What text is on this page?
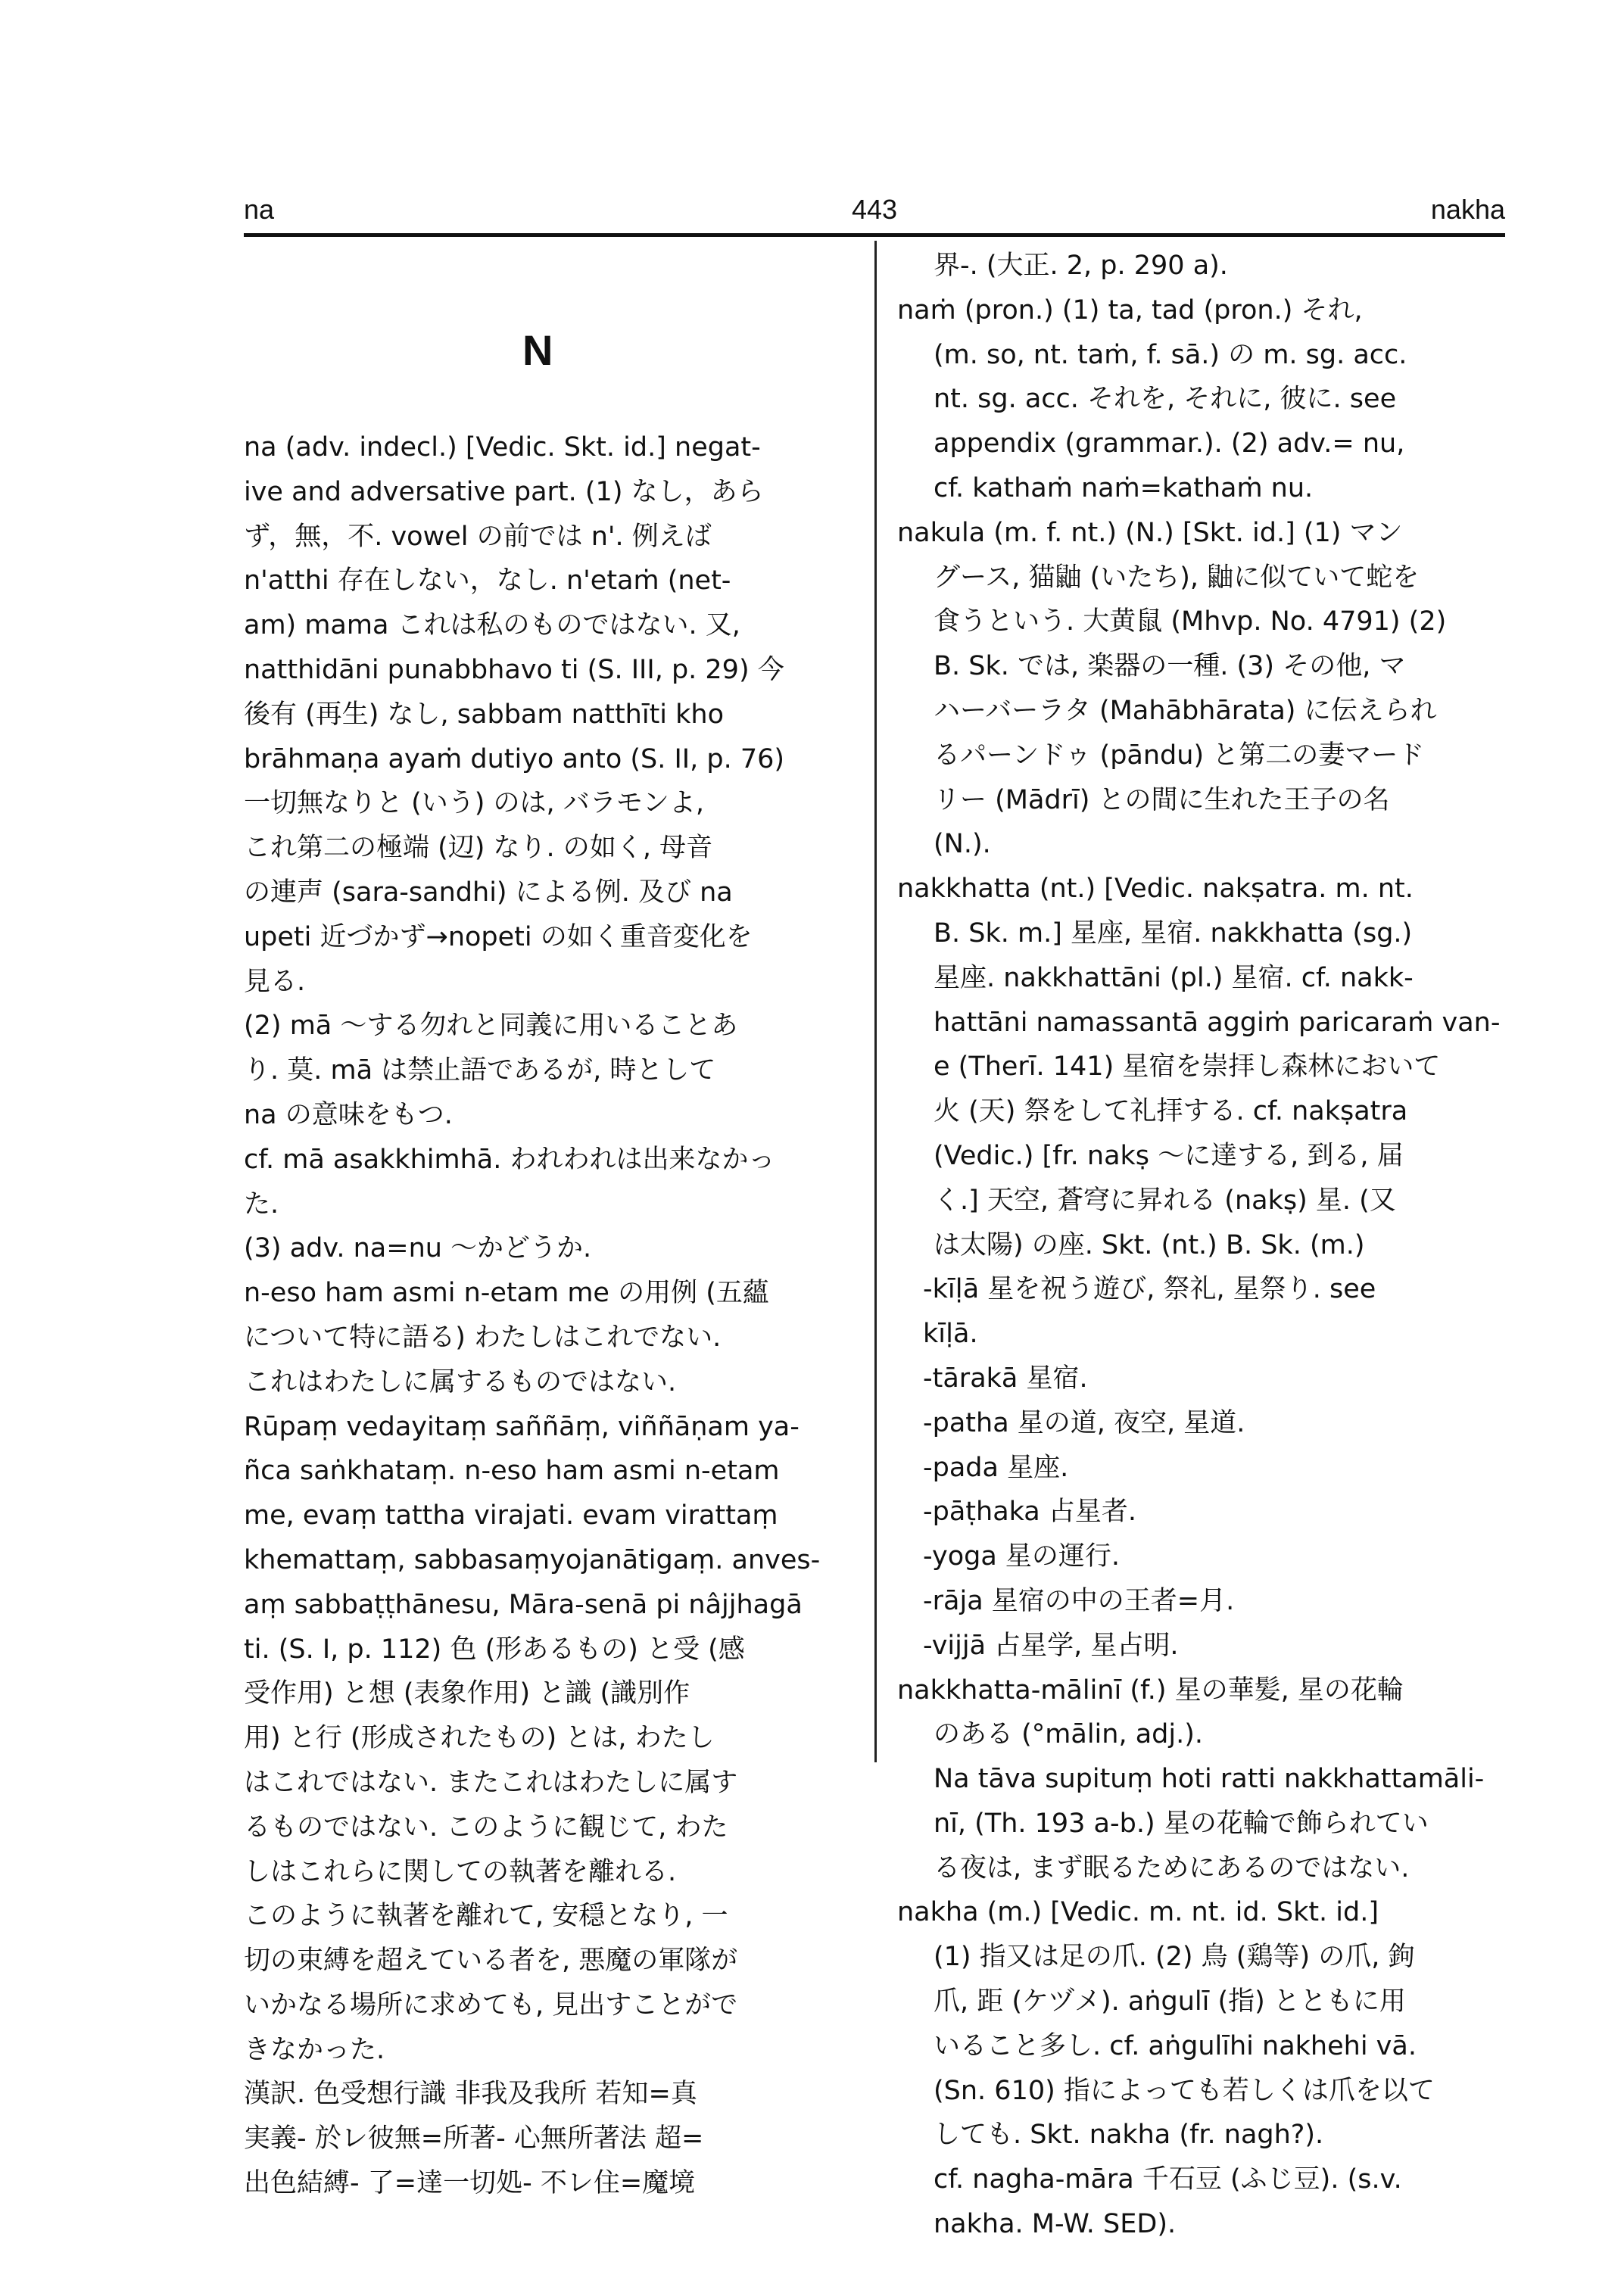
na	443	nakha
N
na (adv. indecl.) [Vedic. Skt. id.] negat-
ive and adversative part. (1) なし，あら
ず，無，不. vowel の前では n'. 例えば
n'atthi 存在しない，なし. n'etaṁ (net-
am) mama これは私のものではない. 又,
natthidāni punabbhavo ti (S. III, p. 29) 今
後有 (再生) なし, sabbam natthīti kho
brāhmaṇa ayaṁ dutiyo anto (S. II, p. 76)
一切無なりと (いう) のは, バラモンよ,
これ第二の極端 (辺) なり. の如く, 母音
の連声 (sara-sandhi) による例. 及び na
upeti 近づかず→nopeti の如く重音変化を
見る.
(2) mā ～する勿れと同義に用いることあ
り. 莫. mā は禁止語であるが, 時として
na の意味をもつ.
cf. mā asakkhimhā. われわれは出来なかっ
た.
(3) adv. na=nu ～かどうか.
n-eso ham asmi n-etam me の用例 (五蘊
について特に語る) わたしはこれでない.
これはわたしに属するものではない.
Rūpaṃ vedayitaṃ saññāṃ, viññāṇam ya-
ñca saṅkhataṃ. n-eso ham asmi n-etam
me, evaṃ tattha virajati. evam virattaṃ
khemattaṃ, sabbasaṃyojanātigaṃ. anves-
aṃ sabbaṭṭhānesu, Māra-senā pi nâjjhagā
ti. (S. I, p. 112) 色 (形あるもの) と受 (感
受作用) と想 (表象作用) と識 (識別作
用) と行 (形成されたもの) とは, わたし
はこれではない. またこれはわたしに属す
るものではない. このように観じて, わた
しはこれらに関しての執著を離れる.
このように執著を離れて, 安穏となり, 一
切の束縛を超えている者を, 悪魔の軍隊が
いかなる場所に求めても, 見出すことがで
きなかった.
漢訳. 色受想行識 非我及我所 若知=真
実義- 於レ彼無=所著- 心無所著法 超=
出色結縛- 了=達一切処- 不レ住=魔境
界-. (大正. 2, p. 290 a).
naṁ (pron.) (1) ta, tad (pron.) それ,
(m. so, nt. taṁ, f. sā.) の m. sg. acc.
nt. sg. acc. それを, それに, 彼に. see
appendix (grammar.). (2) adv.= nu,
cf. kathaṁ naṁ=kathaṁ nu.
nakula (m. f. nt.) (N.) [Skt. id.] (1) マン
グース, 猫鼬 (いたち), 鼬に似ていて蛇を
食うという. 大黄鼠 (Mhvp. No. 4791) (2)
B. Sk. では, 楽器の一種. (3) その他, マ
ハーバーラタ (Mahābhārata) に伝えられ
るパーンドゥ (pāndu) と第二の妻マード
リー (Mādrī) との間に生れた王子の名
(N.).
nakkhatta (nt.) [Vedic. nakṣatra. m. nt.
B. Sk. m.] 星座, 星宿. nakkhatta (sg.)
星座. nakkhattāni (pl.) 星宿. cf. nakk-
hattāni namassantā aggiṁ paricaraṁ van-
e (Therī. 141) 星宿を崇拝し森林において
火 (天) 祭をして礼拝する. cf. nakṣatra
(Vedic.) [fr. nakṣ ～に達する, 到る, 届
く.] 天空, 蒼穹に昇れる (nakṣ) 星. (又
は太陽) の座. Skt. (nt.) B. Sk. (m.)
-kīḷā 星を祝う遊び, 祭礼, 星祭り. see
kīḷā.
-tārakā 星宿.
-patha 星の道, 夜空, 星道.
-pada 星座.
-pāṭhaka 占星者.
-yoga 星の運行.
-rāja 星宿の中の王者=月.
-vijjā 占星学, 星占明.
nakkhatta-mālinī (f.) 星の華髪, 星の花輪
のある (°mālin, adj.).
Na tāva supituṃ hoti ratti nakkhattamāli-
nī, (Th. 193 a-b.) 星の花輪で飾られてい
る夜は, まず眠るためにあるのではない.
nakha (m.) [Vedic. m. nt. id. Skt. id.]
(1) 指又は足の爪. (2) 鳥 (鶏等) の爪, 鉤
爪, 距 (ケヅメ). aṅgulī (指) とともに用
いること多し. cf. aṅgulīhi nakhehi vā.
(Sn. 610) 指によっても若しくは爪を以て
しても. Skt. nakha (fr. nagh?).
cf. nagha-māra 千石豆 (ふじ豆). (s.v.
nakha. M-W. SED).
